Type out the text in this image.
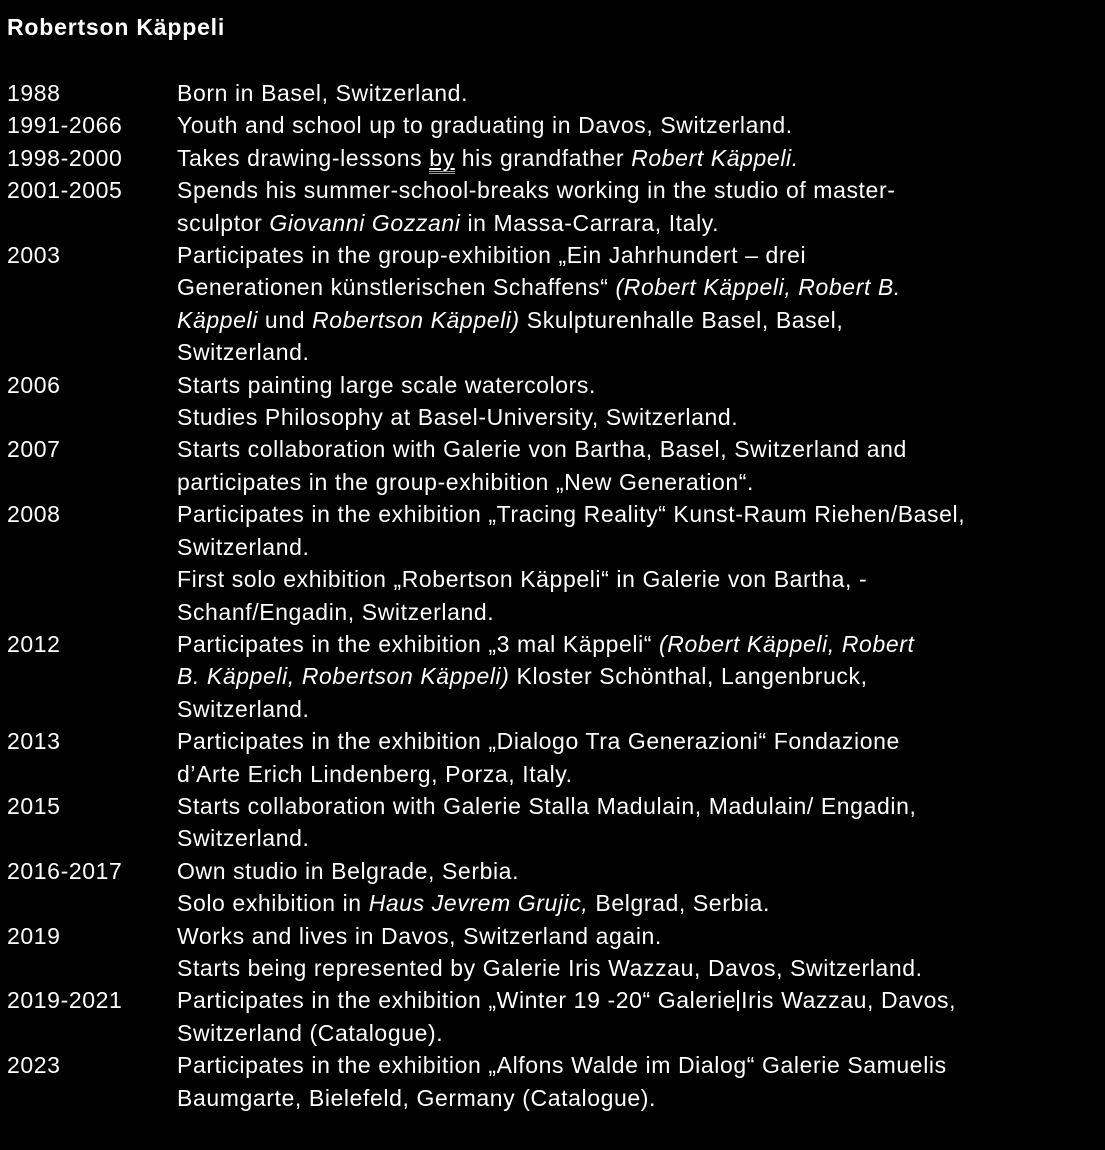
Robertson Käppeli
1988	Born in Basel, Switzerland.
1991-2066	Youth and school up to graduating in Davos, Switzerland.
1998-2000	Takes drawing-lessons by his grandfather Robert Käppeli.
2001-2005	Spends his summer-school-breaks working in the studio of master-
sculptor Giovanni Gozzani in Massa-Carrara, Italy.
2003	Participates in the group-exhibition „Ein Jahrhundert – drei
Generationen künstlerischen Schaffens“ (Robert Käppeli, Robert B.
Käppeli und Robertson Käppeli) Skulpturenhalle Basel, Basel,
Switzerland.
2006	Starts painting large scale watercolors.
Studies Philosophy at Basel-University, Switzerland.
2007	Starts collaboration with Galerie von Bartha, Basel, Switzerland and
participates in the group-exhibition „New Generation“.
2008	Participates in the exhibition „Tracing Reality“ Kunst-Raum Riehen/Basel,
Switzerland.
First solo exhibition „Robertson Käppeli“ in Galerie von Bartha, -
Schanf/Engadin, Switzerland.
2012	Participates in the exhibition „3 mal Käppeli“ (Robert Käppeli, Robert
B. Käppeli, Robertson Käppeli) Kloster Schönthal, Langenbruck,
Switzerland.
2013	Participates in the exhibition „Dialogo Tra Generazioni“ Fondazione
d’Arte Erich Lindenberg, Porza, Italy.
2015	Starts collaboration with Galerie Stalla Madulain, Madulain/ Engadin,
Switzerland.
2016-2017	Own studio in Belgrade, Serbia.
Solo exhibition in Haus Jevrem Grujic, Belgrad, Serbia.
2019	Works and lives in Davos, Switzerland again.
Starts being represented by Galerie Iris Wazzau, Davos, Switzerland.
2019-2021	Participates in the exhibition „Winter 19 -20“ Galerie Iris Wazzau, Davos,
Switzerland (Catalogue).
2023	Participates in the exhibition „Alfons Walde im Dialog“ Galerie Samuelis
Baumgarte, Bielefeld, Germany (Catalogue).
